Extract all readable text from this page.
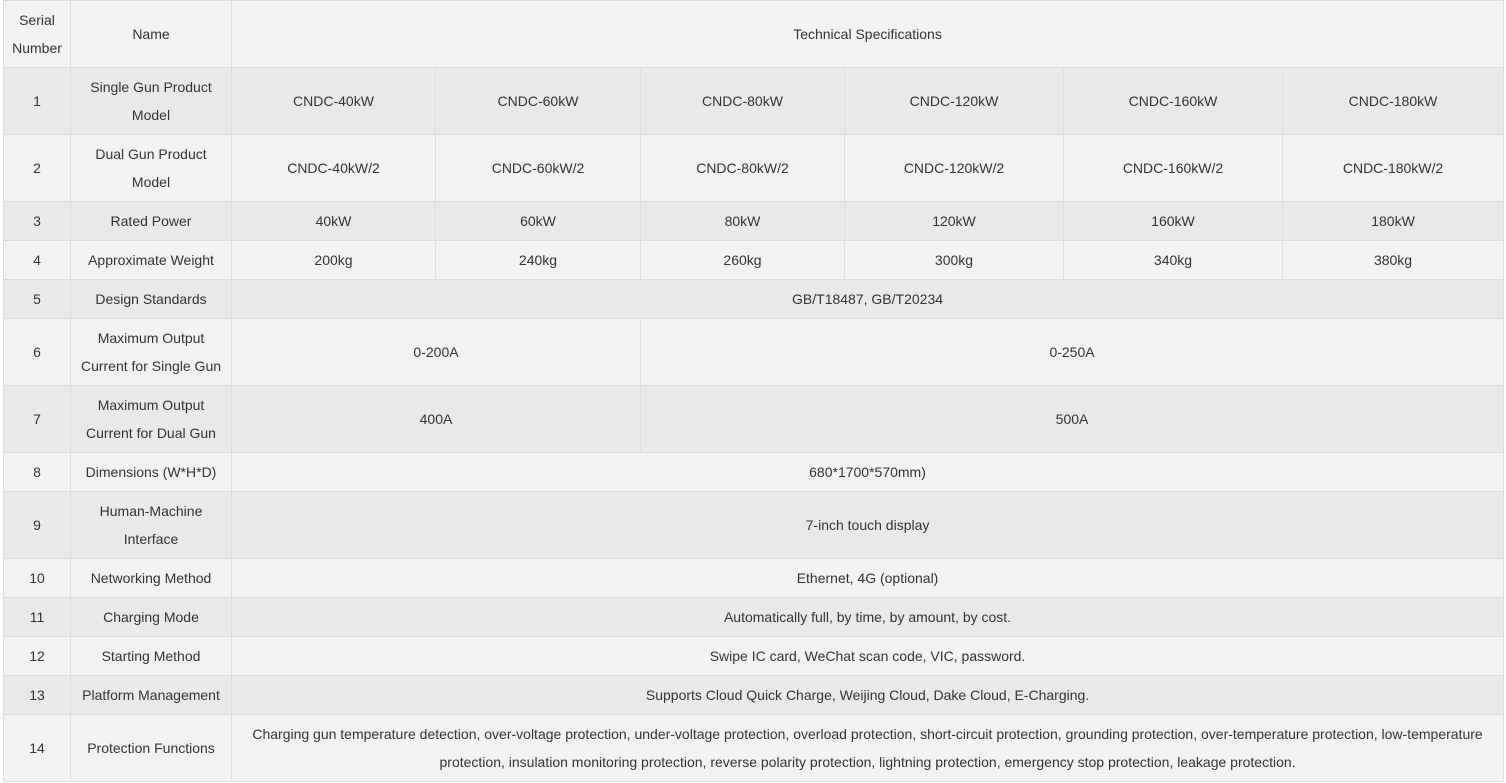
Serial Number	Name	Technical Specifications					
1	Single Gun Product Model	CNDC-40kW	CNDC-60kW	CNDC-80kW	CNDC-120kW	CNDC-160kW	CNDC-180kW
2	Dual Gun Product Model	CNDC-40kW/2	CNDC-60kW/2	CNDC-80kW/2	CNDC-120kW/2	CNDC-160kW/2	CNDC-180kW/2
3	Rated Power	40kW	60kW	80kW	120kW	160kW	180kW
4	Approximate Weight	200kg	240kg	260kg	300kg	340kg	380kg
5	Design Standards	GB/T18487, GB/T20234					
6	Maximum Output Current for Single Gun	0-200A		0-250A			
7	Maximum Output Current for Dual Gun	400A		500A			
8	Dimensions (W*H*D)	680*1700*570mm)					
9	Human-Machine Interface	7-inch touch display					
10	Networking Method	Ethernet, 4G (optional)					
11	Charging Mode	Automatically full, by time, by amount, by cost.					
12	Starting Method	Swipe IC card, WeChat scan code, VIC, password.					
13	Platform Management	Supports Cloud Quick Charge, Weijing Cloud, Dake Cloud, E-Charging.					
14	Protection Functions	Charging gun temperature detection, over-voltage protection, under-voltage protection, overload protection, short-circuit protection, grounding protection, over-temperature protection, low-temperature protection, insulation monitoring protection, reverse polarity protection, lightning protection, emergency stop protection, leakage protection.					
